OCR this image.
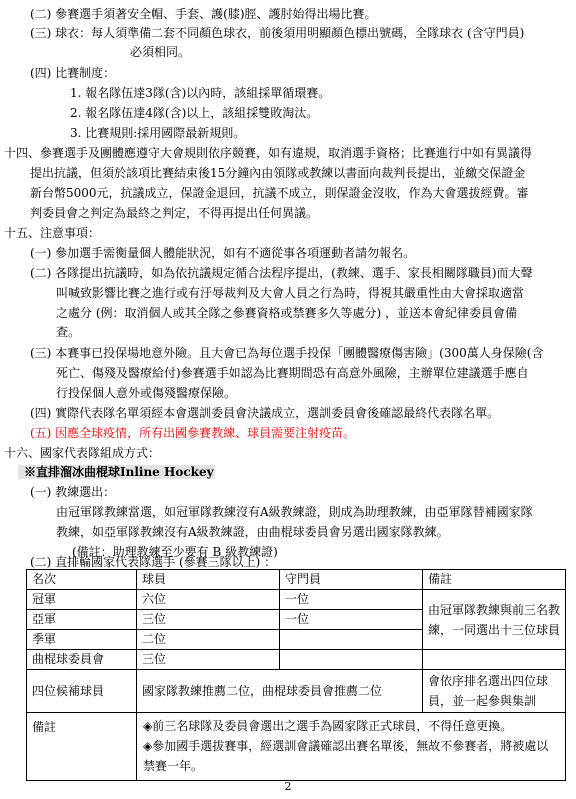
(二) 參賽選手須著安全帽、手套、護(膝)脛、護肘始得出場比賽。
(三) 球衣：每人須準備二套不同顏色球衣，前後須用明顯顏色標出號碼，全隊球衣 (含守門員)
必須相同。
(四) 比賽制度：
1. 報名隊伍達3隊(含)以內時，該組採單循環賽。
2. 報名隊伍達4隊(含)以上，該組採雙敗淘汰。
3. 比賽規則:採用國際最新規則。
十四、參賽選手及團體應遵守大會規則依序競賽，如有違規，取消選手資格；比賽進行中如有異議得
提出抗議，但須於該項比賽結束後15分鐘內由領隊或教練以書面向裁判長提出，並繳交保證金
新台幣5000元，抗議成立，保證金退回，抗議不成立，則保證金沒收，作為大會選拔經費。審
判委員會之判定為最終之判定，不得再提出任何異議。
十五、注意事項：
(一) 參加選手需衡量個人體能狀況，如有不適從事各項運動者請勿報名。
(二) 各隊提出抗議時，如為依抗議規定循合法程序提出，(教練、選手、家長相關隊職員)而大聲
叫喊致影響比賽之進行或有汙辱裁判及大會人員之行為時，得視其嚴重性由大會採取適當
之處分 (例：取消個人或其全隊之參賽資格或禁賽多久等處分) ，並送本會紀律委員會備
查。
(三) 本賽事已投保場地意外險。且大會已為每位選手投保「團體醫療傷害險」(300萬人身保險(含
死亡、傷殘及醫療給付)參賽選手如認為比賽期間恐有高意外風險，主辦單位建議選手應自
行投保個人意外或傷殘醫療保險。
(四) 實際代表隊名單須經本會選訓委員會決議成立，選訓委員會後確認最終代表隊名單。
(五) 因應全球疫情，所有出國參賽教練、球員需要注射疫苗。
十六、國家代表隊組成方式：
※直排溜冰曲棍球Inline Hockey
(一) 教練選出：
由冠軍隊教練當選，如冠軍隊教練沒有A級教練證，則成為助理教練，由亞軍隊替補國家隊
教練，如亞軍隊教練沒有A級教練證，由曲棍球委員會另選出國家隊教練。
(備註：助理教練至少要有 B 級教練證)
(二) 直排輪國家代表隊選手 (參賽三隊以上) ：
名次	球員	守門員	備註
冠軍	六位	一位	由冠軍隊教練與前三名教練，一同選出十三位球員
亞軍	三位	一位	
季軍	二位		
曲棍球委員會	三位		
四位候補球員	國家隊教練推薦二位，曲棍球委員會推薦二位		會依序排名選出四位球員，並一起參與集訓
備註	◈前三名球隊及委員會選出之選手為國家隊正式球員，不得任意更換。
◈參加國手選拔賽事，經選訓會議確認出賽名單後，無故不參賽者，將被處以禁賽一年。		
2
